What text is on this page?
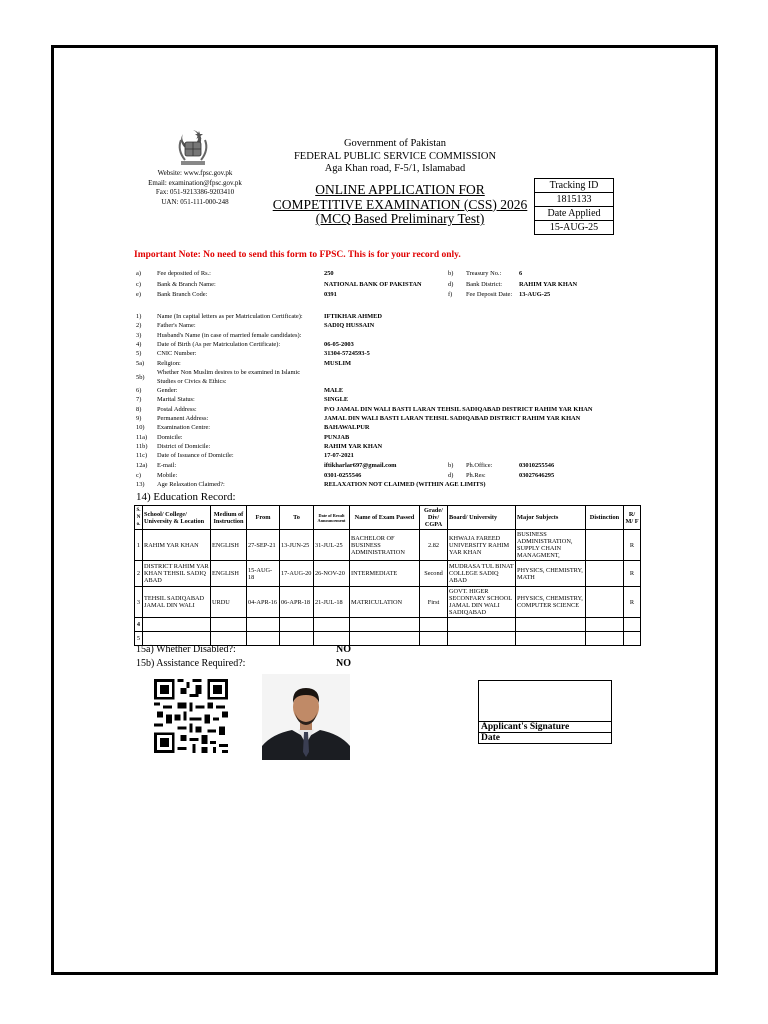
Website: www.fpsc.gov.pk
Email: examination@fpsc.gov.pk
Fax: 051-9213386-9203410
UAN: 051-111-000-248
Government of Pakistan
FEDERAL PUBLIC SERVICE COMMISSION
Aga Khan road, F-5/1, Islamabad
ONLINE APPLICATION FOR
COMPETITIVE EXAMINATION (CSS) 2026
(MCQ Based Preliminary Test)
Tracking ID
1815133
Date Applied
15-AUG-25
Important Note: No need to send this form to FPSC. This is for your record only.
a)	Fee deposited of Rs.:	250	b) Treasury No.:	6
c)	Bank & Branch Name:	NATIONAL BANK OF PAKISTAN	d) Bank District:	RAHIM YAR KHAN
e)	Bank Branch Code:	0391	f) Fee Deposit Date: 13-AUG-25
1) Name (In capital letters as per Matriculation Certificate):	IFTIKHAR AHMED
2) Father's Name:	SADIQ HUSSAIN
3) Husband's Name (in case of married female candidates):
4) Date of Birth (As per Matriculation Certificate):	06-05-2003
5) CNIC Number:	31304-5724593-5
5a) Religion:	MUSLIM
5b)
Whether Non Muslim desires to be examined in Islamic
Studies or Civics & Ethics:
6) Gender:	MALE
7) Marital Status:	SINGLE
8) Postal Address:	P/O JAMAL DIN WALI BASTI LARAN TEHSIL SADIQABAD DISTRICT RAHIM YAR KHAN
9) Permanent Address:	JAMAL DIN WALI BASTI LARAN TEHSIL SADIQABAD DISTRICT RAHIM YAR KHAN
10) Examination Centre:	BAHAWALPUR
11a) Domicile:	PUNJAB
11b) District of Domicile:	RAHIM YAR KHAN
11c) Date of Issuance of Domicile:	17-07-2021
12a) E-mail:	iftikharlar697@gmail.com	b) Ph.Office:	03010255546
c)	Mobile:	0301-0255546	d) Ph.Res:	03027646295
13) Age Relaxation Claimed?:	RELAXATION NOT CLAIMED (WITHIN AGE LIMITS)
14) Education Record:
S. N o.	School/ College/ University & Location	Medium of Instruction	From	To	Date of Result Announcement	Name of Exam Passed	Grade/ Div/ CGPA	Board/ University	Major Subjects	Distinction	R/ M/ F
1	RAHIM YAR KHAN	ENGLISH	27-SEP-21	13-JUN-25	31-JUL-25	BACHELOR OF BUSINESS ADMINISTRATION	2.82	KHWAJA FAREED UNIVERSITY RAHIM YAR KHAN	BUSINESS ADMINISTRATION, SUPPLY CHAIN MANAGMENT,		R
2	DISTRICT RAHIM YAR KHAN TEHSIL SADIQ ABAD	ENGLISH	15-AUG-18	17-AUG-20	26-NOV-20	INTERMEDIATE	Second	MUDRASA TUL BINAT COLLEGE SADIQ ABAD	PHYSICS, CHEMISTRY, MATH		R
3	TEHSIL SADIQABAD JAMAL DIN WALI	URDU	04-APR-16	06-APR-18	21-JUL-18	MATRICULATION	First	GOVT. HIGER SECONFARY SCHOOL JAMAL DIN WALI SADIQABAD	PHYSICS, CHEMISTRY, COMPUTER SCIENCE		R
4											
5											
15a) Whether Disabled?:	NO
15b) Assistance Required?:	NO

Applicant's Signature
Date
